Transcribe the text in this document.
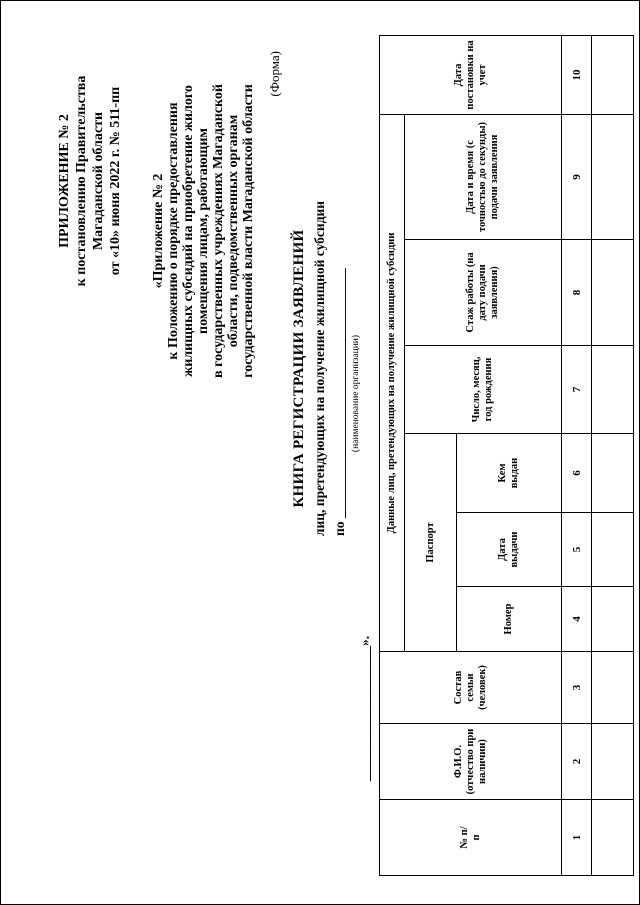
ПРИЛОЖЕНИЕ № 2 к постановлению Правительства Магаданской области от «10» июня 2022 г. № 511-пп «Приложение № 2 к Положению о порядке предоставления жилищных субсидий на приобретение жилого помещения лицам, работающим в государственных учреждениях Магаданской области, подведомственных органам государственной власти Магаданской области
(Форма)
КНИГА РЕГИСТРАЦИИ ЗАЯВЛЕНИЙ лиц, претендующих на получение жилищной субсидии по _____________________________________ (наименование организации)
____________________».
№ п/п	Ф.И.О. (отчество при наличии)	Состав семьи (человек)	Данные лиц, претендующих на получение жилищной субсидии						Дата постановки на учет
			Паспорт			Число, месяц, год рождения	Стаж работы (на дату подачи заявления)	Дата и время (с точностью до секунды) подачи заявления	
			Номер	Дата выдачи	Кем выдан				
1	2	3	4	5	6	7	8	9	10
